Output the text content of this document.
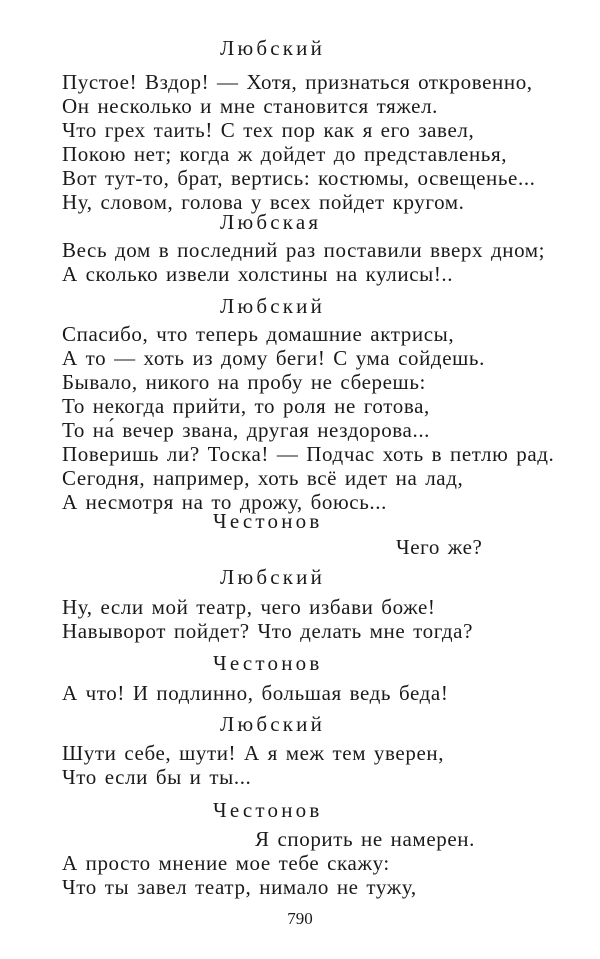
Любский
Пустое! Вздор! — Хотя, признаться откровенно,
Он несколько и мне становится тяжел.
Что грех таить! С тех пор как я его завел,
Покою нет; когда ж дойдет до представленья,
Вот тут-то, брат, вертись: костюмы, освещенье...
Ну, словом, голова у всех пойдет кругом.
Любская
Весь дом в последний раз поставили вверх дном;
А сколько извели холстины на кулисы!..
Любский
Спасибо, что теперь домашние актрисы,
А то — хоть из дому беги! С ума сойдешь.
Бывало, никого на пробу не сберешь:
То некогда прийти, то роля не готова,
То на́ вечер звана, другая нездорова...
Поверишь ли? Тоска! — Подчас хоть в петлю рад.
Сегодня, например, хоть всё идет на лад,
А несмотря на то дрожу, боюсь...
Честонов
Чего же?
Любский
Ну, если мой театр, чего избави боже!
Навыворот пойдет? Что делать мне тогда?
Честонов
А что! И подлинно, большая ведь беда!
Любский
Шути себе, шути! А я меж тем уверен,
Что если бы и ты...
Честонов
Я спорить не намерен.
А просто мнение мое тебе скажу:
Что ты завел театр, нимало не тужу,
790
